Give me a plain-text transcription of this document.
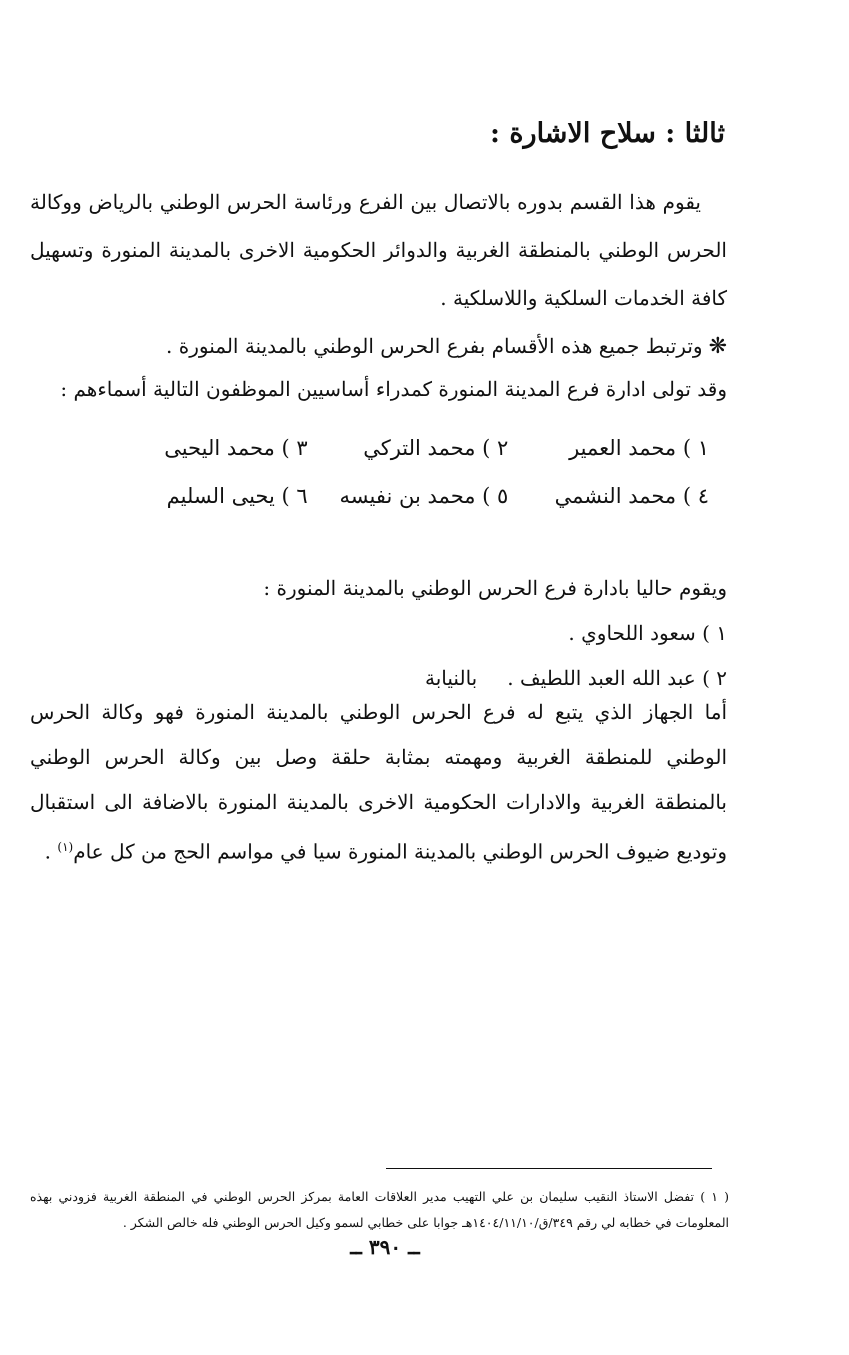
ثالثا : سلاح الاشارة :

يقوم هذا القسم بدوره بالاتصال بين الفرع ورئاسة الحرس الوطني بالرياض ووكالة الحرس الوطني بالمنطقة الغربية والدوائر الحكومية الاخرى بالمدينة المنورة وتسهيل كافة الخدمات السلكية واللاسلكية .

❋وترتبط جميع هذه الأقسام بفرع الحرس الوطني بالمدينة المنورة .

وقد تولى ادارة فرع المدينة المنورة كمدراء أساسيين الموظفون التالية أسماءهم :

١ ) محمد العمير
٢ ) محمد التركي
٣ ) محمد اليحيى
٤ ) محمد النشمي
٥ ) محمد بن نفيسه
٦ ) يحيى السليم

ويقوم حاليا بادارة فرع الحرس الوطني بالمدينة المنورة :

١ ) سعود اللحاوي .

٢ ) عبد الله العبد اللطيف .بالنيابة

أما الجهاز الذي يتبع له فرع الحرس الوطني بالمدينة المنورة فهو وكالة الحرس الوطني للمنطقة الغربية ومهمته بمثابة حلقة وصل بين وكالة الحرس الوطني بالمنطقة الغربية والادارات الحكومية الاخرى بالمدينة المنورة بالاضافة الى استقبال وتوديع ضيوف الحرس الوطني بالمدينة المنورة سيا في مواسم الحج من كل عام$^{(١)}$ .

( ١ ) تفضل الاستاذ النقيب سليمان بن علي التهيب مدير العلاقات العامة بمركز الحرس الوطني في المنطقة الغربية فزودني بهذه المعلومات في خطابه لي رقم ٣٤٩/ق/١٤٠٤/١١/١٠هـ جوابا على خطابي لسمو وكيل الحرس الوطني فله خالص الشكر .
ــ ٣٩٠ ــ
